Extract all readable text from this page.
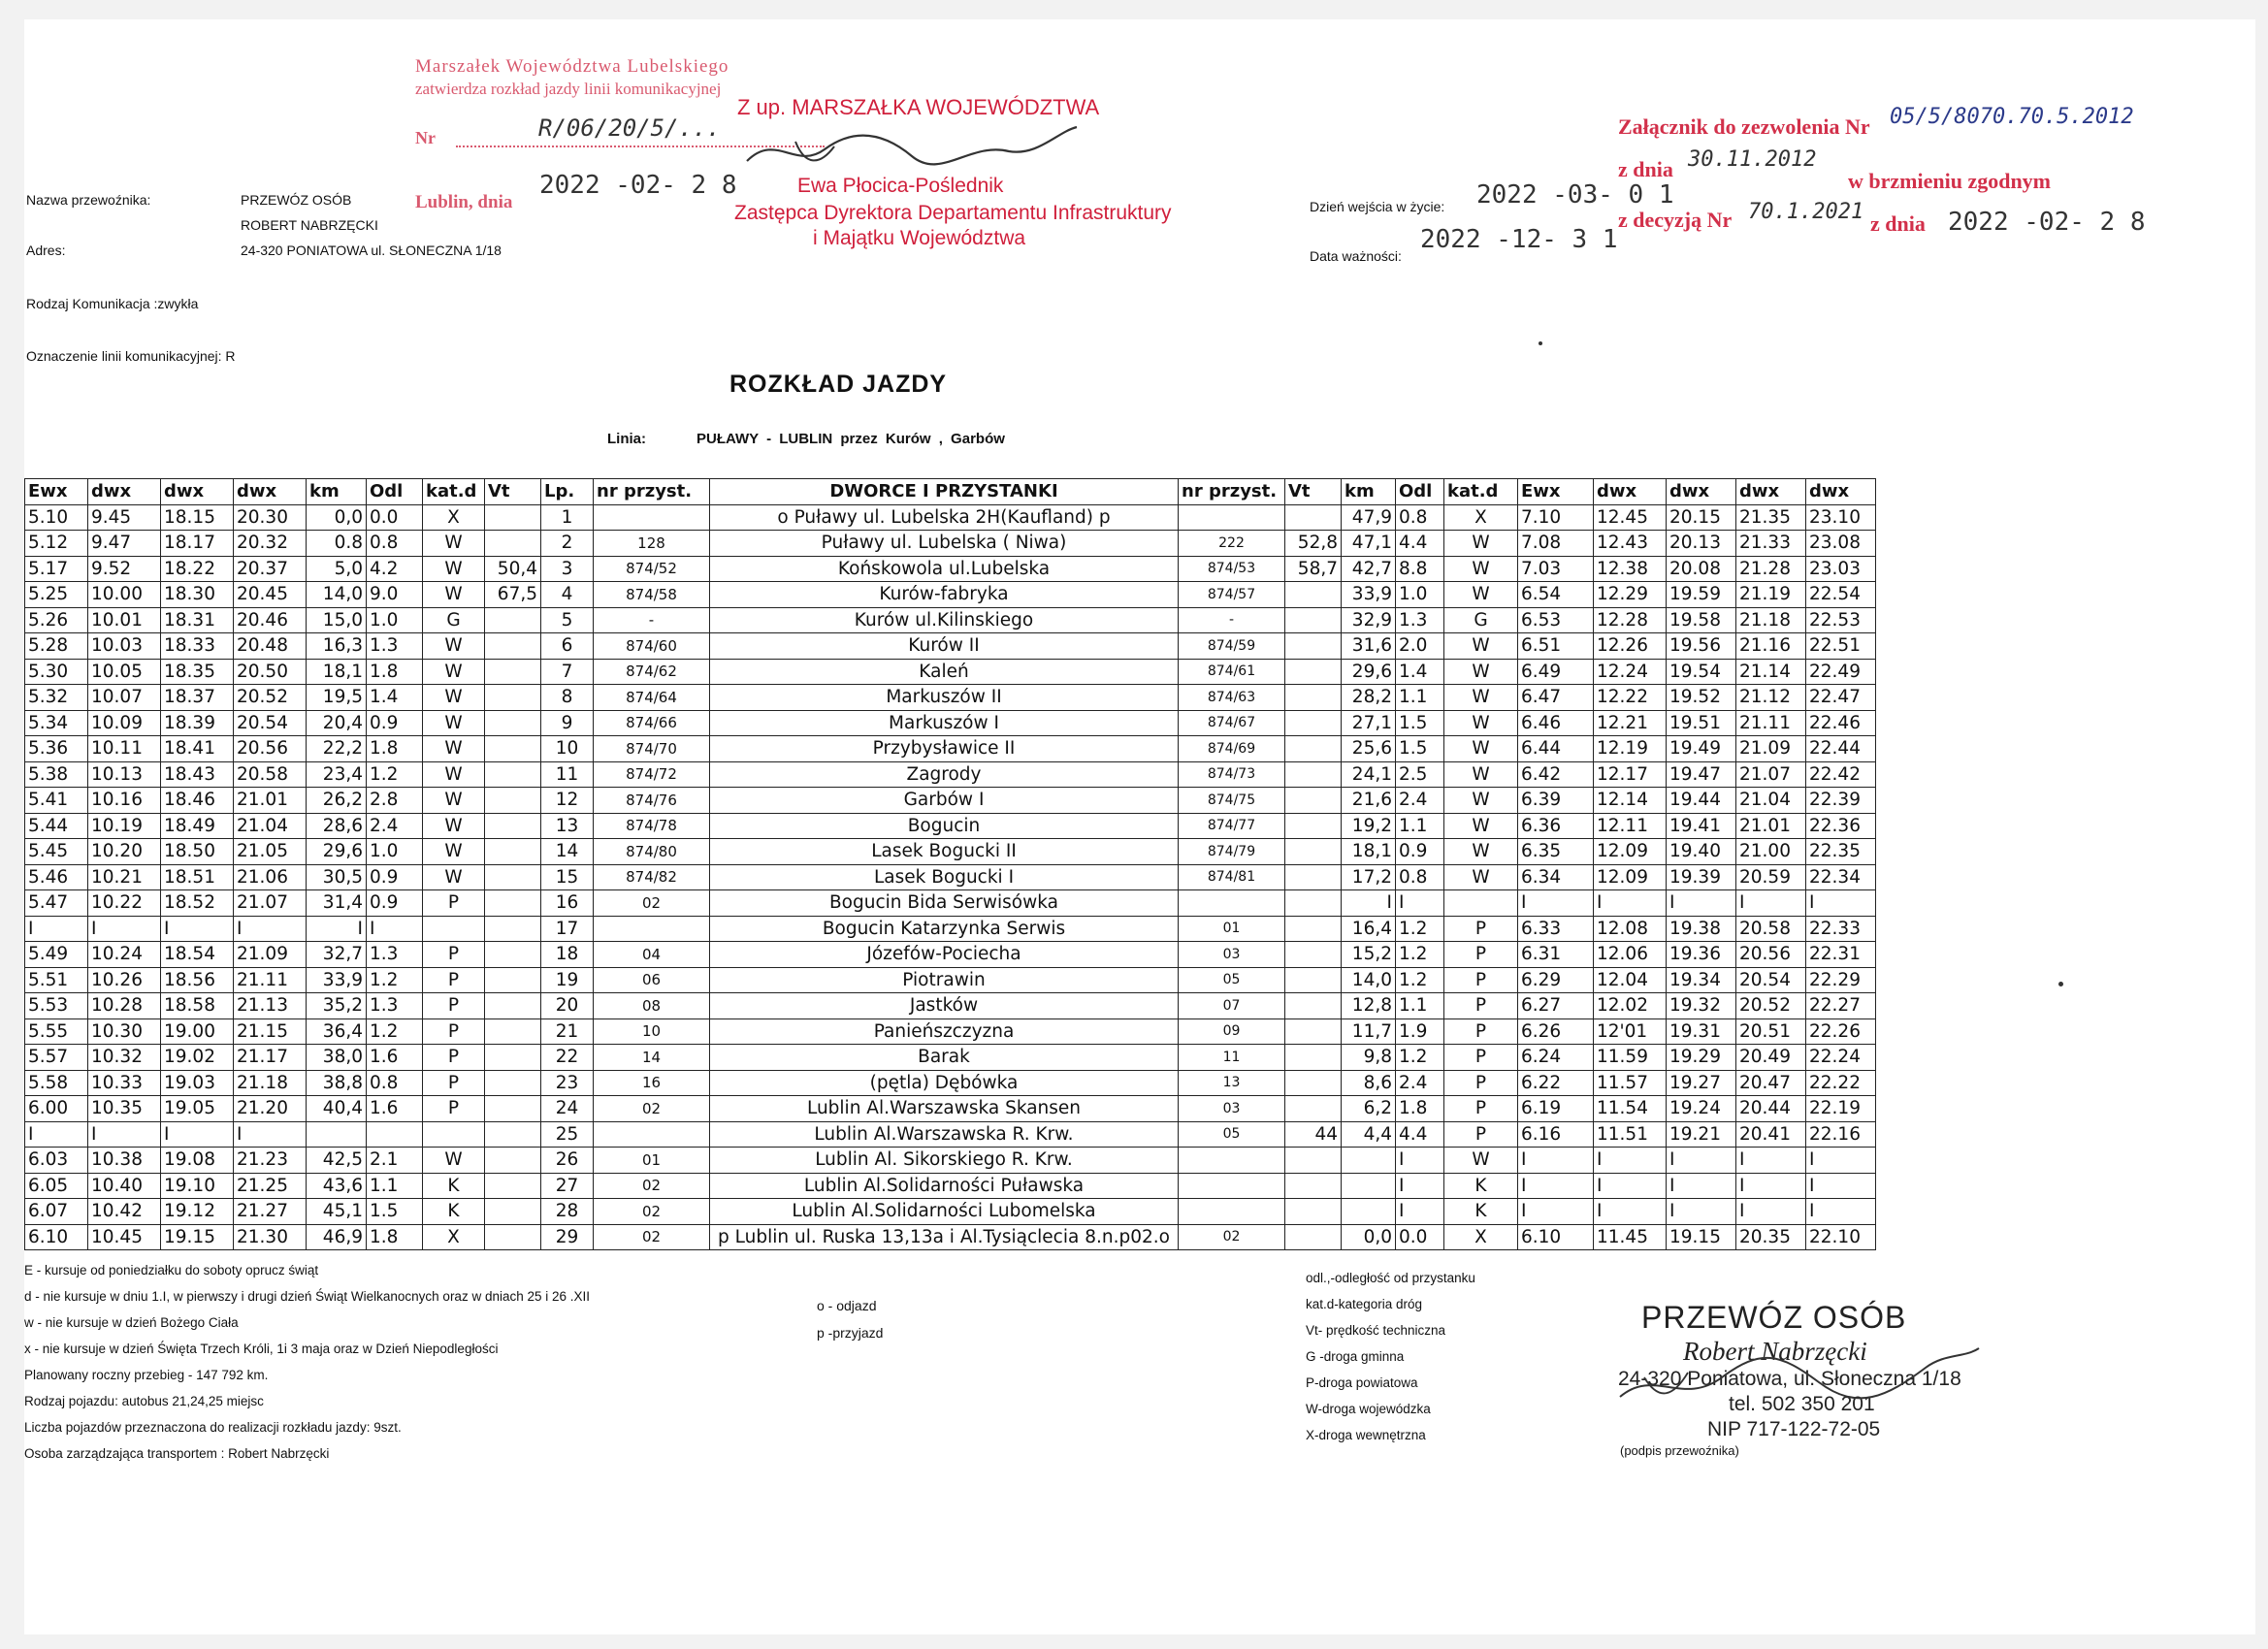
Marszałek Województwa Lubelskiego
zatwierdza rozkład jazdy linii komunikacyjnej
Nr	R/06/20/5/...
Lublin, dnia
2022 -02- 2 8
Z up. MARSZAŁKA WOJEWÓDZTWA
Ewa Płocica-Poślednik
Zastępca Dyrektora Departamentu Infrastruktury
i Majątku Województwa
Załącznik do zezwolenia Nr 05/5/8070.70.5.2012
z dnia 30.11.2012
w brzmieniu zgodnym
z decyzją Nr 70.1.2021 z dnia 2022 -02- 2 8
Nazwa przewoźnika:	PRZEWÓZ OSÓB
ROBERT NABRZĘCKI
Adres:	24-320 PONIATOWA ul. SŁONECZNA 1/18
Rodzaj Komunikacja :zwykła
Oznaczenie linii komunikacyjnej: R
Dzień wejścia w życie: 2022 -03- 0 1
Data ważności:
2022 -12- 3 1
ROZKŁAD JAZDY
Linia:	PUŁAWY - LUBLIN przez Kurów , Garbów
Ewx	dwx	dwx	dwx	km	Odl	kat.d	Vt	Lp.	nr przyst.	DWORCE I PRZYSTANKI	nr przyst.	Vt	km	Odl	kat.d	Ewx	dwx	dwx	dwx	dwx
5.10	9.45	18.15	20.30	0,0	0.0	X		1		o Puławy ul. Lubelska 2H(Kaufland) p			47,9	0.8	X	7.10	12.45	20.15	21.35	23.10
5.12	9.47	18.17	20.32	0.8	0.8	W		2	128	Puławy ul. Lubelska ( Niwa)	222	52,8	47,1	4.4	W	7.08	12.43	20.13	21.33	23.08
5.17	9.52	18.22	20.37	5,0	4.2	W	50,4	3	874/52	Końskowola ul.Lubelska	874/53	58,7	42,7	8.8	W	7.03	12.38	20.08	21.28	23.03
5.25	10.00	18.30	20.45	14,0	9.0	W	67,5	4	874/58	Kurów-fabryka	874/57		33,9	1.0	W	6.54	12.29	19.59	21.19	22.54
5.26	10.01	18.31	20.46	15,0	1.0	G		5	-	Kurów ul.Kilinskiego	-		32,9	1.3	G	6.53	12.28	19.58	21.18	22.53
5.28	10.03	18.33	20.48	16,3	1.3	W		6	874/60	Kurów II	874/59		31,6	2.0	W	6.51	12.26	19.56	21.16	22.51
5.30	10.05	18.35	20.50	18,1	1.8	W		7	874/62	Kaleń	874/61		29,6	1.4	W	6.49	12.24	19.54	21.14	22.49
5.32	10.07	18.37	20.52	19,5	1.4	W		8	874/64	Markuszów II	874/63		28,2	1.1	W	6.47	12.22	19.52	21.12	22.47
5.34	10.09	18.39	20.54	20,4	0.9	W		9	874/66	Markuszów I	874/67		27,1	1.5	W	6.46	12.21	19.51	21.11	22.46
5.36	10.11	18.41	20.56	22,2	1.8	W		10	874/70	Przybysławice II	874/69		25,6	1.5	W	6.44	12.19	19.49	21.09	22.44
5.38	10.13	18.43	20.58	23,4	1.2	W		11	874/72	Zagrody	874/73		24,1	2.5	W	6.42	12.17	19.47	21.07	22.42
5.41	10.16	18.46	21.01	26,2	2.8	W		12	874/76	Garbów I	874/75		21,6	2.4	W	6.39	12.14	19.44	21.04	22.39
5.44	10.19	18.49	21.04	28,6	2.4	W		13	874/78	Bogucin	874/77		19,2	1.1	W	6.36	12.11	19.41	21.01	22.36
5.45	10.20	18.50	21.05	29,6	1.0	W		14	874/80	Lasek Bogucki II	874/79		18,1	0.9	W	6.35	12.09	19.40	21.00	22.35
5.46	10.21	18.51	21.06	30,5	0.9	W		15	874/82	Lasek Bogucki I	874/81		17,2	0.8	W	6.34	12.09	19.39	20.59	22.34
5.47	10.22	18.52	21.07	31,4	0.9	P		16	02	Bogucin Bida Serwisówka			I	I		I	I	I	I	I
I	I	I	I	I	I			17		Bogucin Katarzynka Serwis	01		16,4	1.2	P	6.33	12.08	19.38	20.58	22.33
5.49	10.24	18.54	21.09	32,7	1.3	P		18	04	Józefów-Pociecha	03		15,2	1.2	P	6.31	12.06	19.36	20.56	22.31
5.51	10.26	18.56	21.11	33,9	1.2	P		19	06	Piotrawin	05		14,0	1.2	P	6.29	12.04	19.34	20.54	22.29
5.53	10.28	18.58	21.13	35,2	1.3	P		20	08	Jastków	07		12,8	1.1	P	6.27	12.02	19.32	20.52	22.27
5.55	10.30	19.00	21.15	36,4	1.2	P		21	10	Panieńszczyzna	09		11,7	1.9	P	6.26	12'01	19.31	20.51	22.26
5.57	10.32	19.02	21.17	38,0	1.6	P		22	14	Barak	11		9,8	1.2	P	6.24	11.59	19.29	20.49	22.24
5.58	10.33	19.03	21.18	38,8	0.8	P		23	16	(pętla) Dębówka	13		8,6	2.4	P	6.22	11.57	19.27	20.47	22.22
6.00	10.35	19.05	21.20	40,4	1.6	P		24	02	Lublin Al.Warszawska Skansen	03		6,2	1.8	P	6.19	11.54	19.24	20.44	22.19
I	I	I	I					25		Lublin Al.Warszawska R. Krw.	05	44	4,4	4.4	P	6.16	11.51	19.21	20.41	22.16
6.03	10.38	19.08	21.23	42,5	2.1	W		26	01	Lublin Al. Sikorskiego R. Krw.				I	W	I	I	I	I	I
6.05	10.40	19.10	21.25	43,6	1.1	K		27	02	Lublin Al.Solidarności Puławska				I	K	I	I	I	I	I
6.07	10.42	19.12	21.27	45,1	1.5	K		28	02	Lublin Al.Solidarności Lubomelska				I	K	I	I	I	I	I
6.10	10.45	19.15	21.30	46,9	1.8	X		29	02	p Lublin ul. Ruska 13,13a i Al.Tysiąclecia 8.n.p02.o	02		0,0	0.0	X	6.10	11.45	19.15	20.35	22.10
E - kursuje od poniedziałku do soboty oprucz świąt
d - nie kursuje w dniu 1.I, w pierwszy i drugi dzień Świąt Wielkanocnych oraz w dniach 25 i 26 .XII
w - nie kursuje w dzień Bożego Ciała
x - nie kursuje w dzień Święta Trzech Króli, 1i 3 maja oraz w Dzień Niepodległości
Planowany roczny przebieg - 147 792 km.
Rodzaj pojazdu: autobus 21,24,25 miejsc
Liczba pojazdów przeznaczona do realizacji rozkładu jazdy: 9szt.
Osoba zarządzająca transportem : Robert Nabrzęcki
o - odjazd
p -przyjazd
odl.,-odległość od przystanku
kat.d-kategoria dróg
Vt- prędkość techniczna
G -droga gminna
P-droga powiatowa
W-droga wojewódzka
X-droga wewnętrzna
PRZEWÓZ OSÓB
Robert Nabrzęcki
24-320 Poniatowa, ul. Słoneczna 1/18
tel. 502 350 201
NIP 717-122-72-05
(podpis przewoźnika)
